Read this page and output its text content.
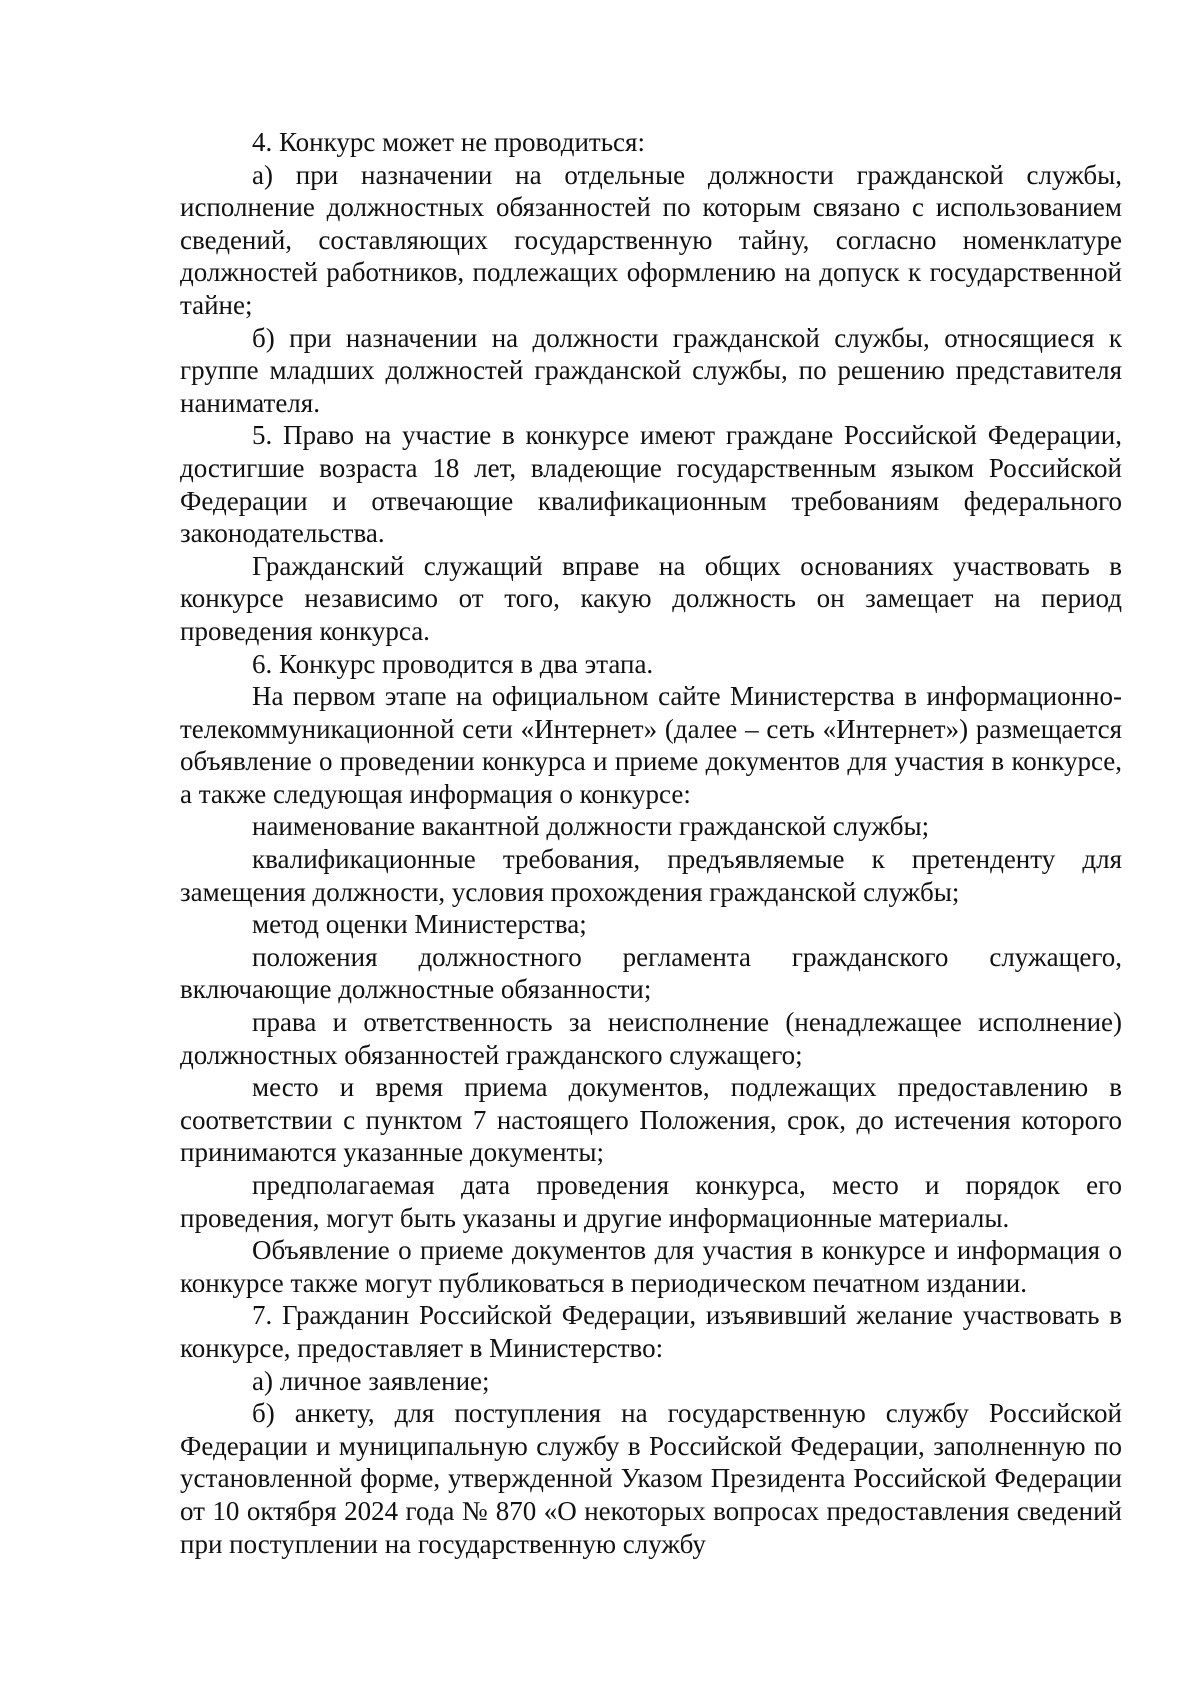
4. Конкурс может не проводиться:

а) при назначении на отдельные должности гражданской службы, исполнение должностных обязанностей по которым связано с использованием сведений, составляющих государственную тайну, согласно номенклатуре должностей работников, подлежащих оформлению на допуск к государственной тайне;

б) при назначении на должности гражданской службы, относящиеся к группе младших должностей гражданской службы, по решению представителя нанимателя.

5. Право на участие в конкурсе имеют граждане Российской Федерации, достигшие возраста 18 лет, владеющие государственным языком Российской Федерации и отвечающие квалификационным требованиям федерального законодательства.

Гражданский служащий вправе на общих основаниях участвовать в конкурсе независимо от того, какую должность он замещает на период проведения конкурса.

6. Конкурс проводится в два этапа.

На первом этапе на официальном сайте Министерства в информационно-телекоммуникационной сети «Интернет» (далее – сеть «Интернет») размещается объявление о проведении конкурса и приеме документов для участия в конкурсе, а также следующая информация о конкурсе:

наименование вакантной должности гражданской службы;

квалификационные требования, предъявляемые к претенденту для замещения должности, условия прохождения гражданской службы;

метод оценки Министерства;

положения должностного регламента гражданского служащего, включающие должностные обязанности;

права и ответственность за неисполнение (ненадлежащее исполнение) должностных обязанностей гражданского служащего;

место и время приема документов, подлежащих предоставлению в соответствии с пунктом 7 настоящего Положения, срок, до истечения которого принимаются указанные документы;

предполагаемая дата проведения конкурса, место и порядок его проведения, могут быть указаны и другие информационные материалы.

Объявление о приеме документов для участия в конкурсе и информация о конкурсе также могут публиковаться в периодическом печатном издании.

7. Гражданин Российской Федерации, изъявивший желание участвовать в конкурсе, предоставляет в Министерство:

а) личное заявление;

б) анкету, для поступления на государственную службу Российской Федерации и муниципальную службу в Российской Федерации, заполненную по установленной форме, утвержденной Указом Президента Российской Федерации от 10 октября 2024 года № 870 «О некоторых вопросах предоставления сведений при поступлении на государственную службу
